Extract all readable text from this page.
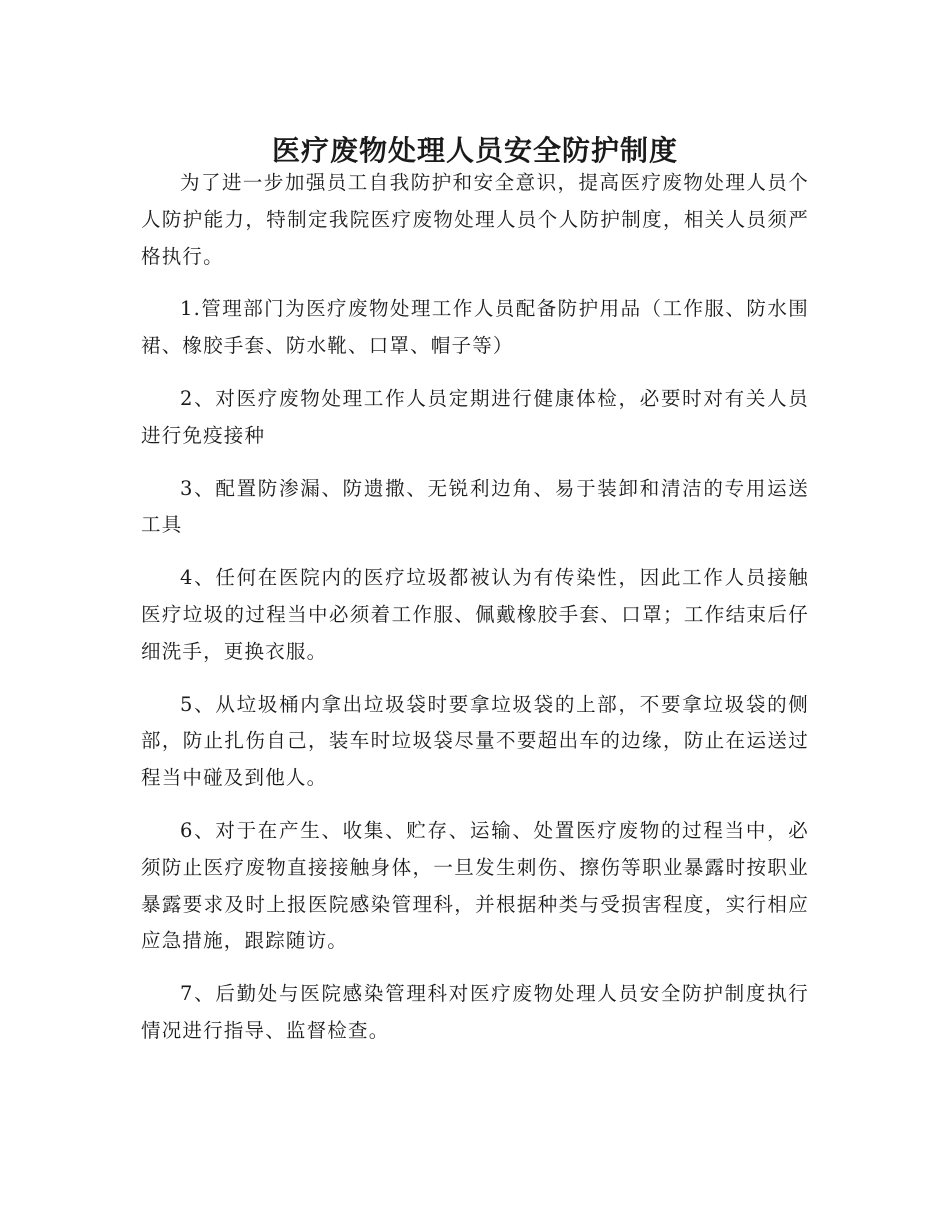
医疗废物处理人员安全防护制度

为了进一步加强员工自我防护和安全意识，提高医疗废物处理人员个人防护能力，特制定我院医疗废物处理人员个人防护制度，相关人员须严格执行。

1.管理部门为医疗废物处理工作人员配备防护用品（工作服、防水围裙、橡胶手套、防水靴、口罩、帽子等）

2、对医疗废物处理工作人员定期进行健康体检，必要时对有关人员进行免疫接种

3、配置防渗漏、防遗撒、无锐利边角、易于装卸和清洁的专用运送工具

4、任何在医院内的医疗垃圾都被认为有传染性，因此工作人员接触医疗垃圾的过程当中必须着工作服、佩戴橡胶手套、口罩；工作结束后仔细洗手，更换衣服。

5、从垃圾桶内拿出垃圾袋时要拿垃圾袋的上部，不要拿垃圾袋的侧部，防止扎伤自己，装车时垃圾袋尽量不要超出车的边缘，防止在运送过程当中碰及到他人。

6、对于在产生、收集、贮存、运输、处置医疗废物的过程当中，必须防止医疗废物直接接触身体，一旦发生刺伤、擦伤等职业暴露时按职业暴露要求及时上报医院感染管理科，并根据种类与受损害程度，实行相应应急措施，跟踪随访。

7、后勤处与医院感染管理科对医疗废物处理人员安全防护制度执行情况进行指导、监督检查。
